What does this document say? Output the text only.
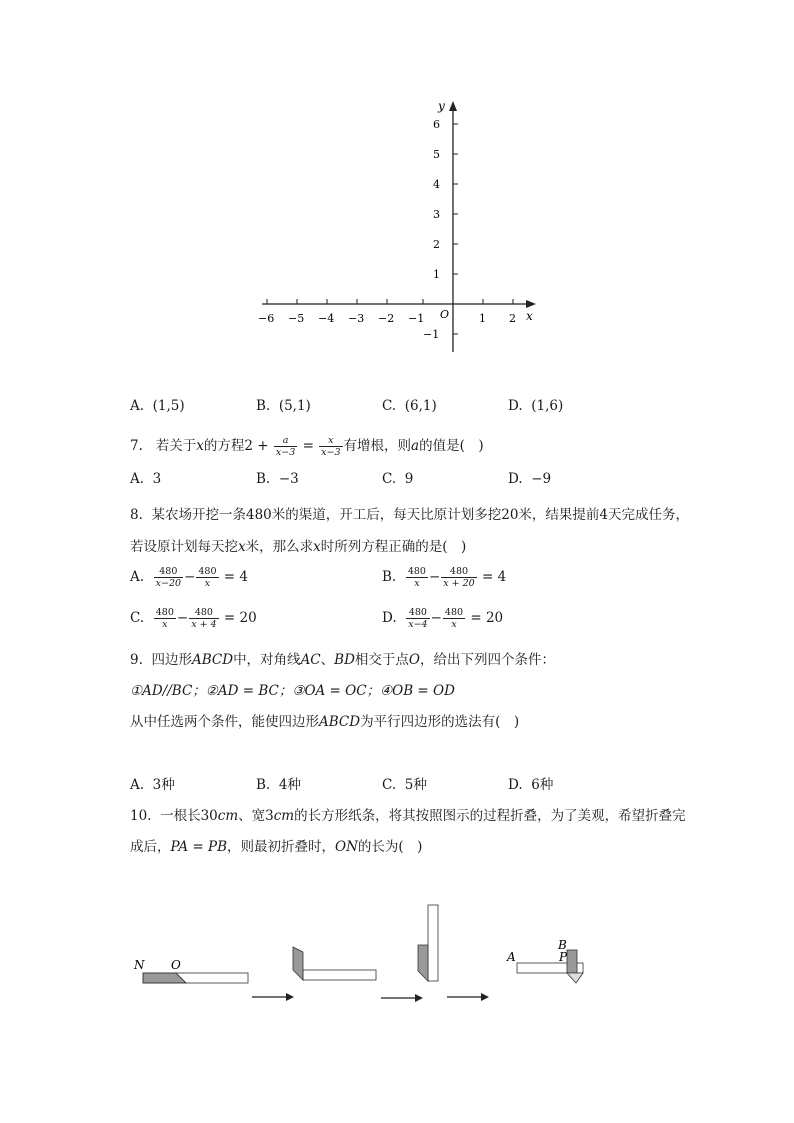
y
x
O
−6 −5 −4 −3 −2 −1	1 2
6
5
4
3
2
1
−1
A. (1,5)	B. (5,1)	C. (6,1)	D. (1,6)
7. 若关于x的方程$2 + \frac{a}{x-3} = \frac{x}{x-3}$ 有增根，则a的值是(　)
A. 3	B. −3	C. 9	D. −9
8. 某农场开挖一条480米的渠道，开工后，每天比原计划多挖20米，结果提前4天完成任务，
若设原计划每天挖x米，那么求x时所列方程正确的是(　)
A. $\frac{480}{x-20} - \frac{480}{x} = 4$	B. $\frac{480}{x} - \frac{480}{x + 20} = 4$
C. $\frac{480}{x} - \frac{480}{x + 4} = 20$	D. $\frac{480}{x-4} - \frac{480}{x} = 20$
9. 四边形ABCD中，对角线AC、BD相交于点O，给出下列四个条件：
①AD//BC；②AD = BC；③OA = OC；④OB = OD
从中任选两个条件，能使四边形ABCD为平行四边形的选法有(　)
A. 3种	B. 4种	C. 5种	D. 6种
10. 一根长30cm、宽3cm的长方形纸条，将其按照图示的过程折叠，为了美观，希望折叠完
成后，PA = PB，则最初折叠时，ON的长为(　)
N O
A
B
P
